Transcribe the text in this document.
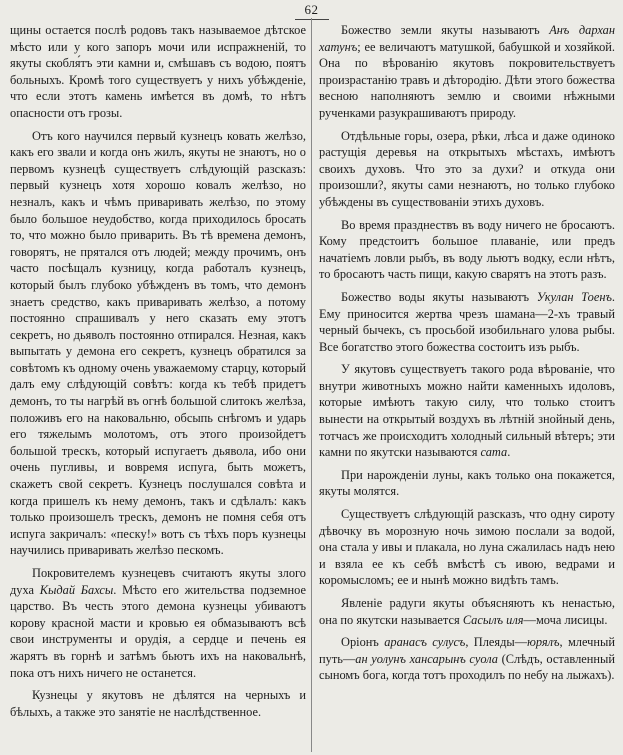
62

щины остается послѣ родовъ такъ называемое дѣтское мѣсто или у кого запоръ мочи или испражненій, то якуты скобля́тъ эти камни и, смѣшавъ съ водою, поятъ больныхъ. Кромѣ того существуетъ у нихъ убѣжденіе, что если этотъ камень имѣется въ домѣ, то нѣтъ опасности отъ грозы.

Отъ кого научился первый кузнецъ ковать желѣзо, какъ его звали и когда онъ жилъ, якуты не знаютъ, но о первомъ кузнецѣ существуетъ слѣдующій разсказъ: первый кузнецъ хотя хорошо ковалъ желѣзо, но незналъ, какъ и чѣмъ приваривать желѣзо, по этому было большое неудобство, когда приходилось бросать то, что можно было приварить. Въ тѣ времена демонъ, говорятъ, не прятался отъ людей; между прочимъ, онъ часто посѣщалъ кузницу, когда работалъ кузнецъ, который былъ глубоко убѣжденъ въ томъ, что демонъ знаетъ средство, какъ приваривать желѣзо, а потому постоянно спрашивалъ у него сказать ему этотъ секретъ, но дьяволъ постоянно отпирался. Незная, какъ выпытать у демона его секретъ, кузнецъ обратился за совѣтомъ къ одному очень уважаемому старцу, который далъ ему слѣдующій совѣтъ: когда къ тебѣ придетъ демонъ, то ты нагрѣй въ огнѣ большой слитокъ желѣза, положивъ его на наковальню, обсыпь снѣгомъ и ударь его тяжелымъ молотомъ, отъ этого произойдетъ большой трескъ, который испугаетъ дьявола, ибо они очень пугливы, и вовремя испуга, быть можетъ, скажетъ свой секретъ. Кузнецъ послушался совѣта и когда пришелъ къ нему демонъ, такъ и сдѣлалъ: какъ только произошелъ трескъ, демонъ не помня себя отъ испуга закричалъ: «песку!» вотъ съ тѣхъ поръ кузнецы научились приваривать желѣзо пескомъ.

Покровителемъ кузнецевъ считаютъ якуты злого духа Кыдай Бахсы. Мѣсто его жительства подземное царство. Въ честь этого демона кузнецы убиваютъ корову красной масти и кровью ея обмазываютъ всѣ свои инструменты и орудія, а сердце и печень ея жарятъ въ горнѣ и затѣмъ бьютъ ихъ на наковальнѣ, пока отъ нихъ ничего не останется.

Кузнецы у якутовъ не дѣлятся на черныхъ и бѣлыхъ, а также это занятіе не наслѣдственное.

Божество земли якуты называютъ Анъ дархан хатунъ; ее величаютъ матушкой, бабушкой и хозяйкой. Она по вѣрованію якутовъ покровительствуетъ произрастанію травъ и дѣтородію. Дѣти этого божества весною наполняютъ землю и своими нѣжными рученками разукрашиваютъ природу.

Отдѣльные горы, озера, рѣки, лѣса и даже одиноко растущія деревья на открытыхъ мѣстахъ, имѣютъ своихъ духовъ. Что это за духи? и откуда они произошли?, якуты сами незнаютъ, но только глубоко убѣждены въ существованіи этихъ духовъ.

Во время празднествъ въ воду ничего не бросаютъ. Кому предстоитъ большое плаваніе, или предъ начатіемъ ловли рыбъ, въ воду льютъ водку, если нѣтъ, то бросаютъ часть пищи, какую сварятъ на этотъ разъ.

Божество воды якуты называютъ Укулан Тоенъ. Ему приносится жертва чрезъ шамана—2-хъ травый черный бычекъ, съ просьбой изобильнаго улова рыбы. Все богатство этого божества состоитъ изъ рыбъ.

У якутовъ существуетъ такого рода вѣрованіе, что внутри животныхъ можно найти каменныхъ идоловъ, которые имѣютъ такую силу, что только стоитъ вынести на открытый воздухъ въ лѣтній знойный день, тотчасъ же происходитъ холодный сильный вѣтеръ; эти камни по якутски называются сата.

При нарожденіи луны, какъ только она покажется, якуты молятся.

Существуетъ слѣдующій разсказъ, что одну сироту дѣвочку въ морозную ночь зимою послали за водой, она стала у ивы и плакала, но луна сжалилась надъ нею и взяла ее къ себѣ вмѣстѣ съ ивою, ведрами и коромысломъ; ее и нынѣ можно видѣть тамъ.

Явленіе радуги якуты объясняютъ къ ненастью, она по якутски называется Сасылъ иля—моча лисицы.

Оріонъ аранасъ сулусъ, Плеяды—юрялъ, млечный путь—ан уолунъ хансарынъ суола (Слѣдъ, оставленный сыномъ бога, когда тотъ проходилъ по небу на лыжахъ).
